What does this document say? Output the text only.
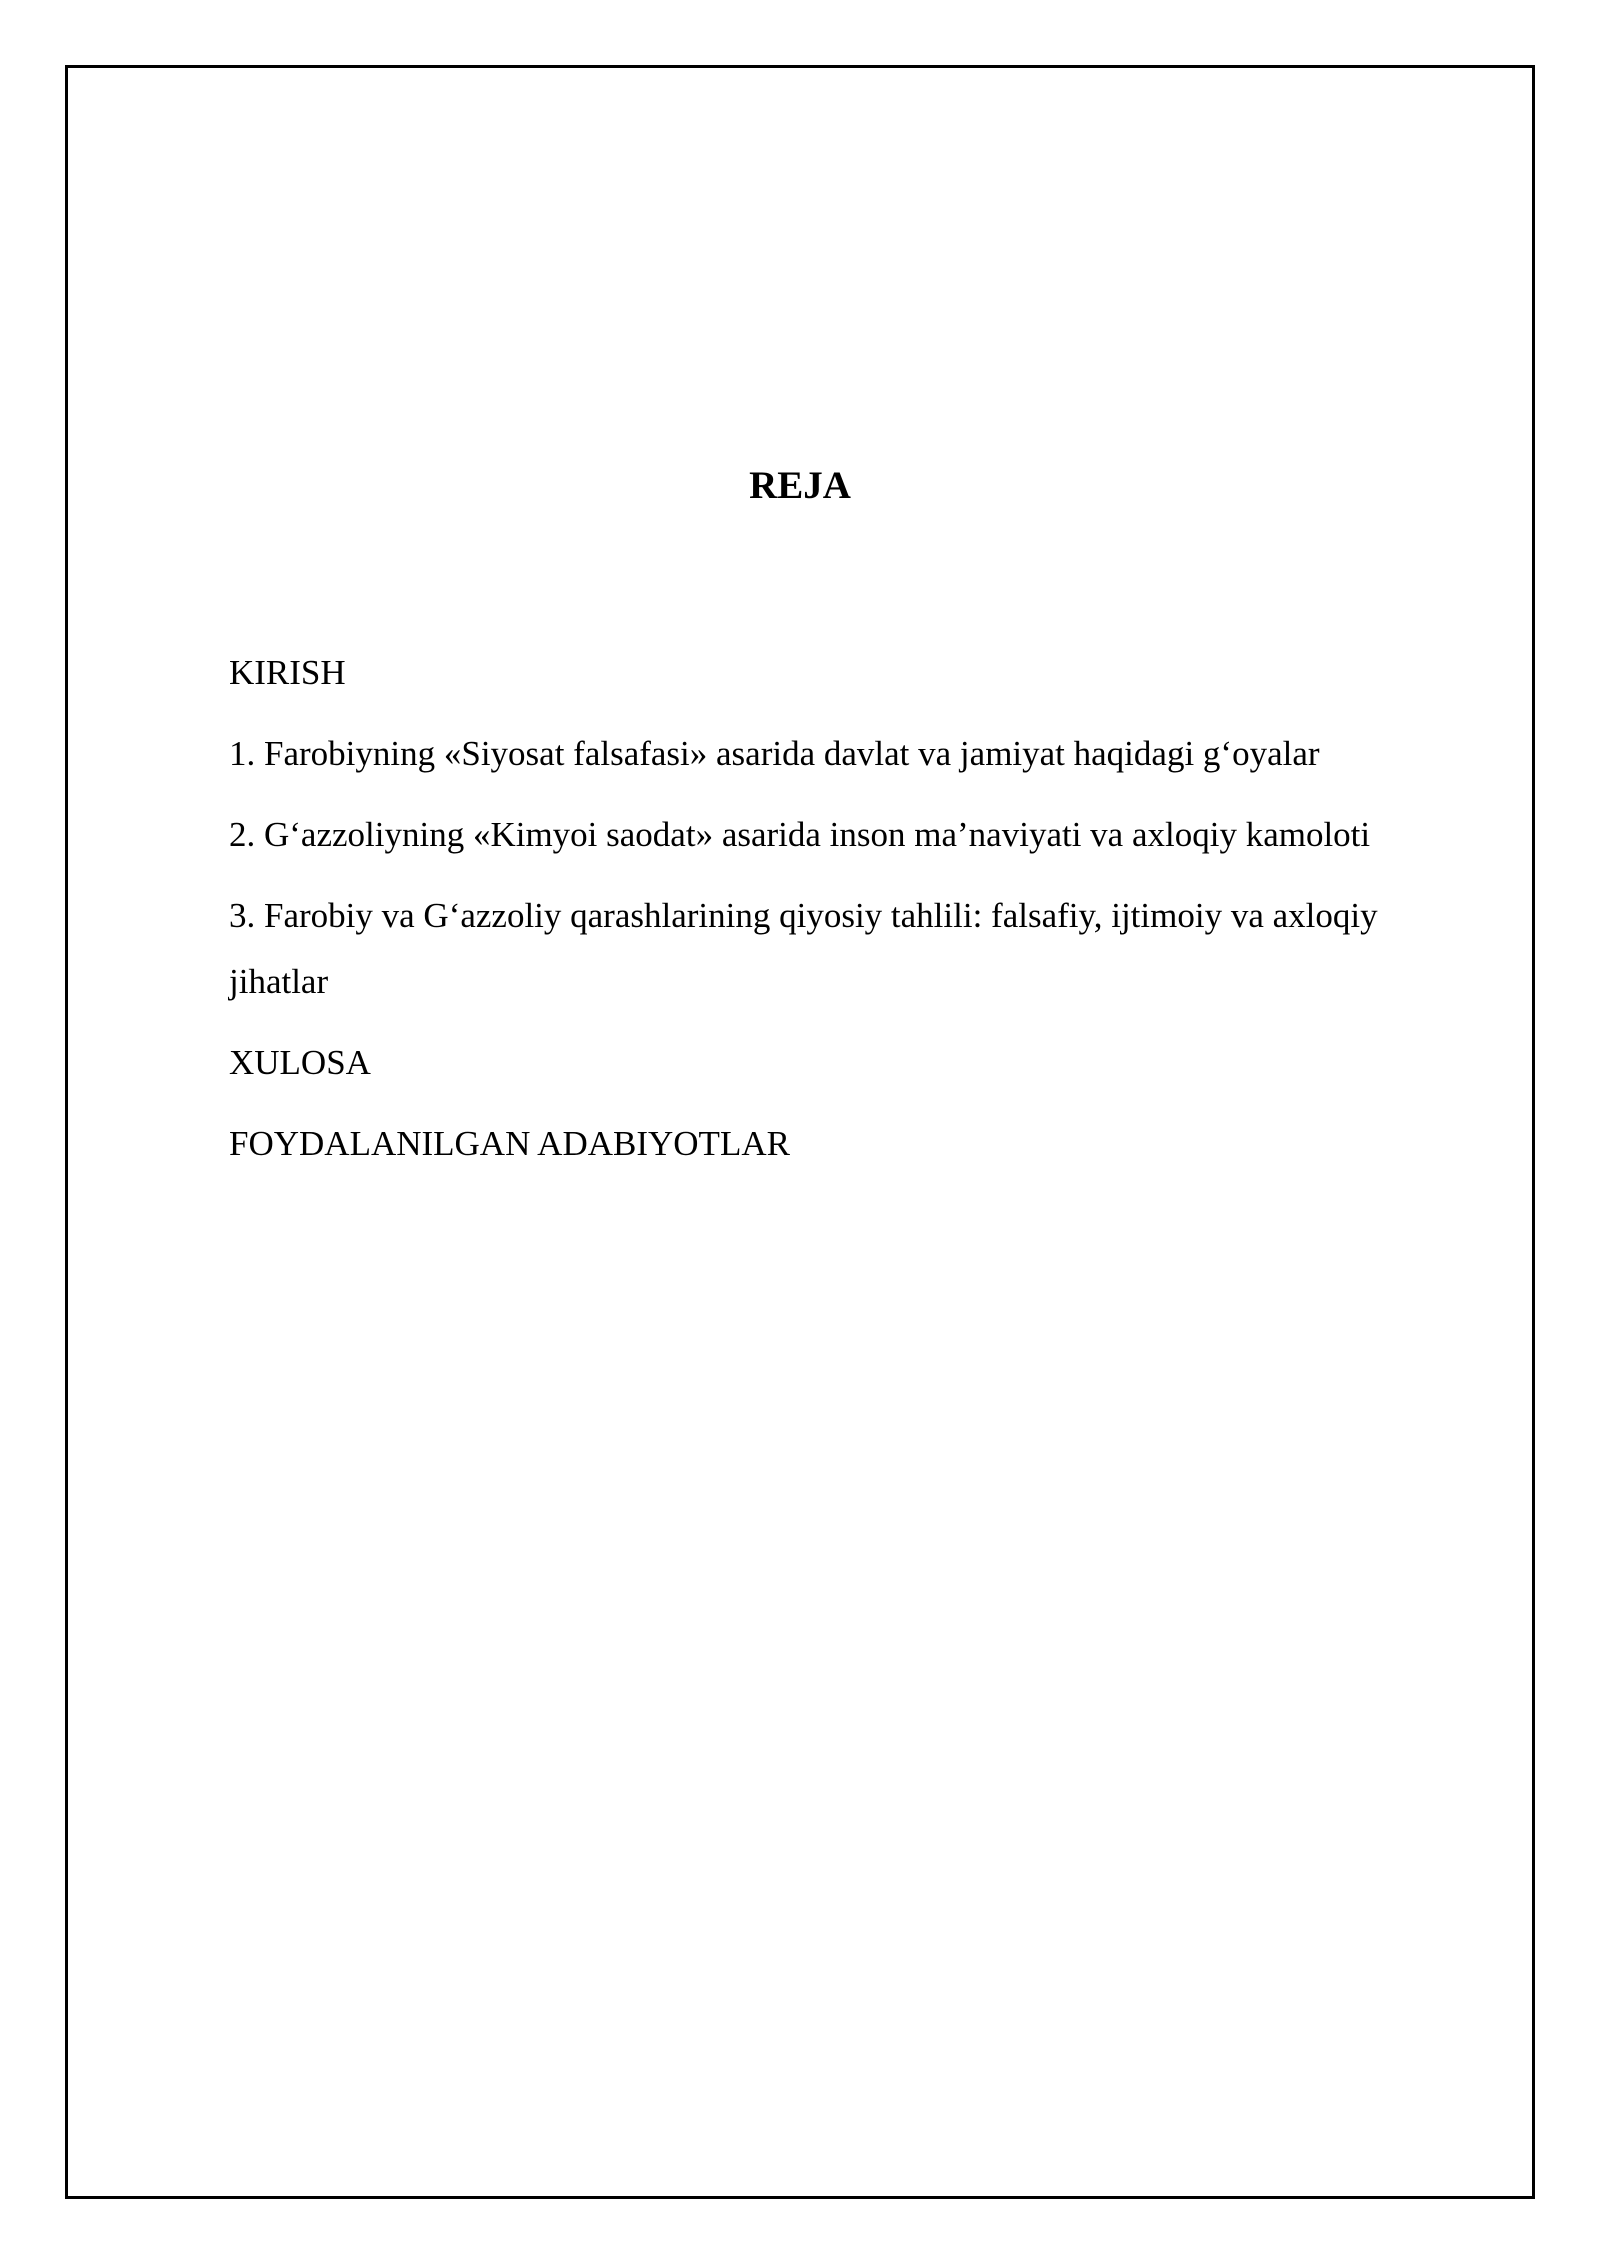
REJA
KIRISH
1. Farobiyning «Siyosat falsafasi» asarida davlat va jamiyat haqidagi g‘oyalar
2. G‘azzoliyning «Kimyoi saodat» asarida inson ma’naviyati va axloqiy kamoloti
3. Farobiy va G‘azzoliy qarashlarining qiyosiy tahlili: falsafiy, ijtimoiy va axloqiy jihatlar
XULOSA
FOYDALANILGAN ADABIYOTLAR
